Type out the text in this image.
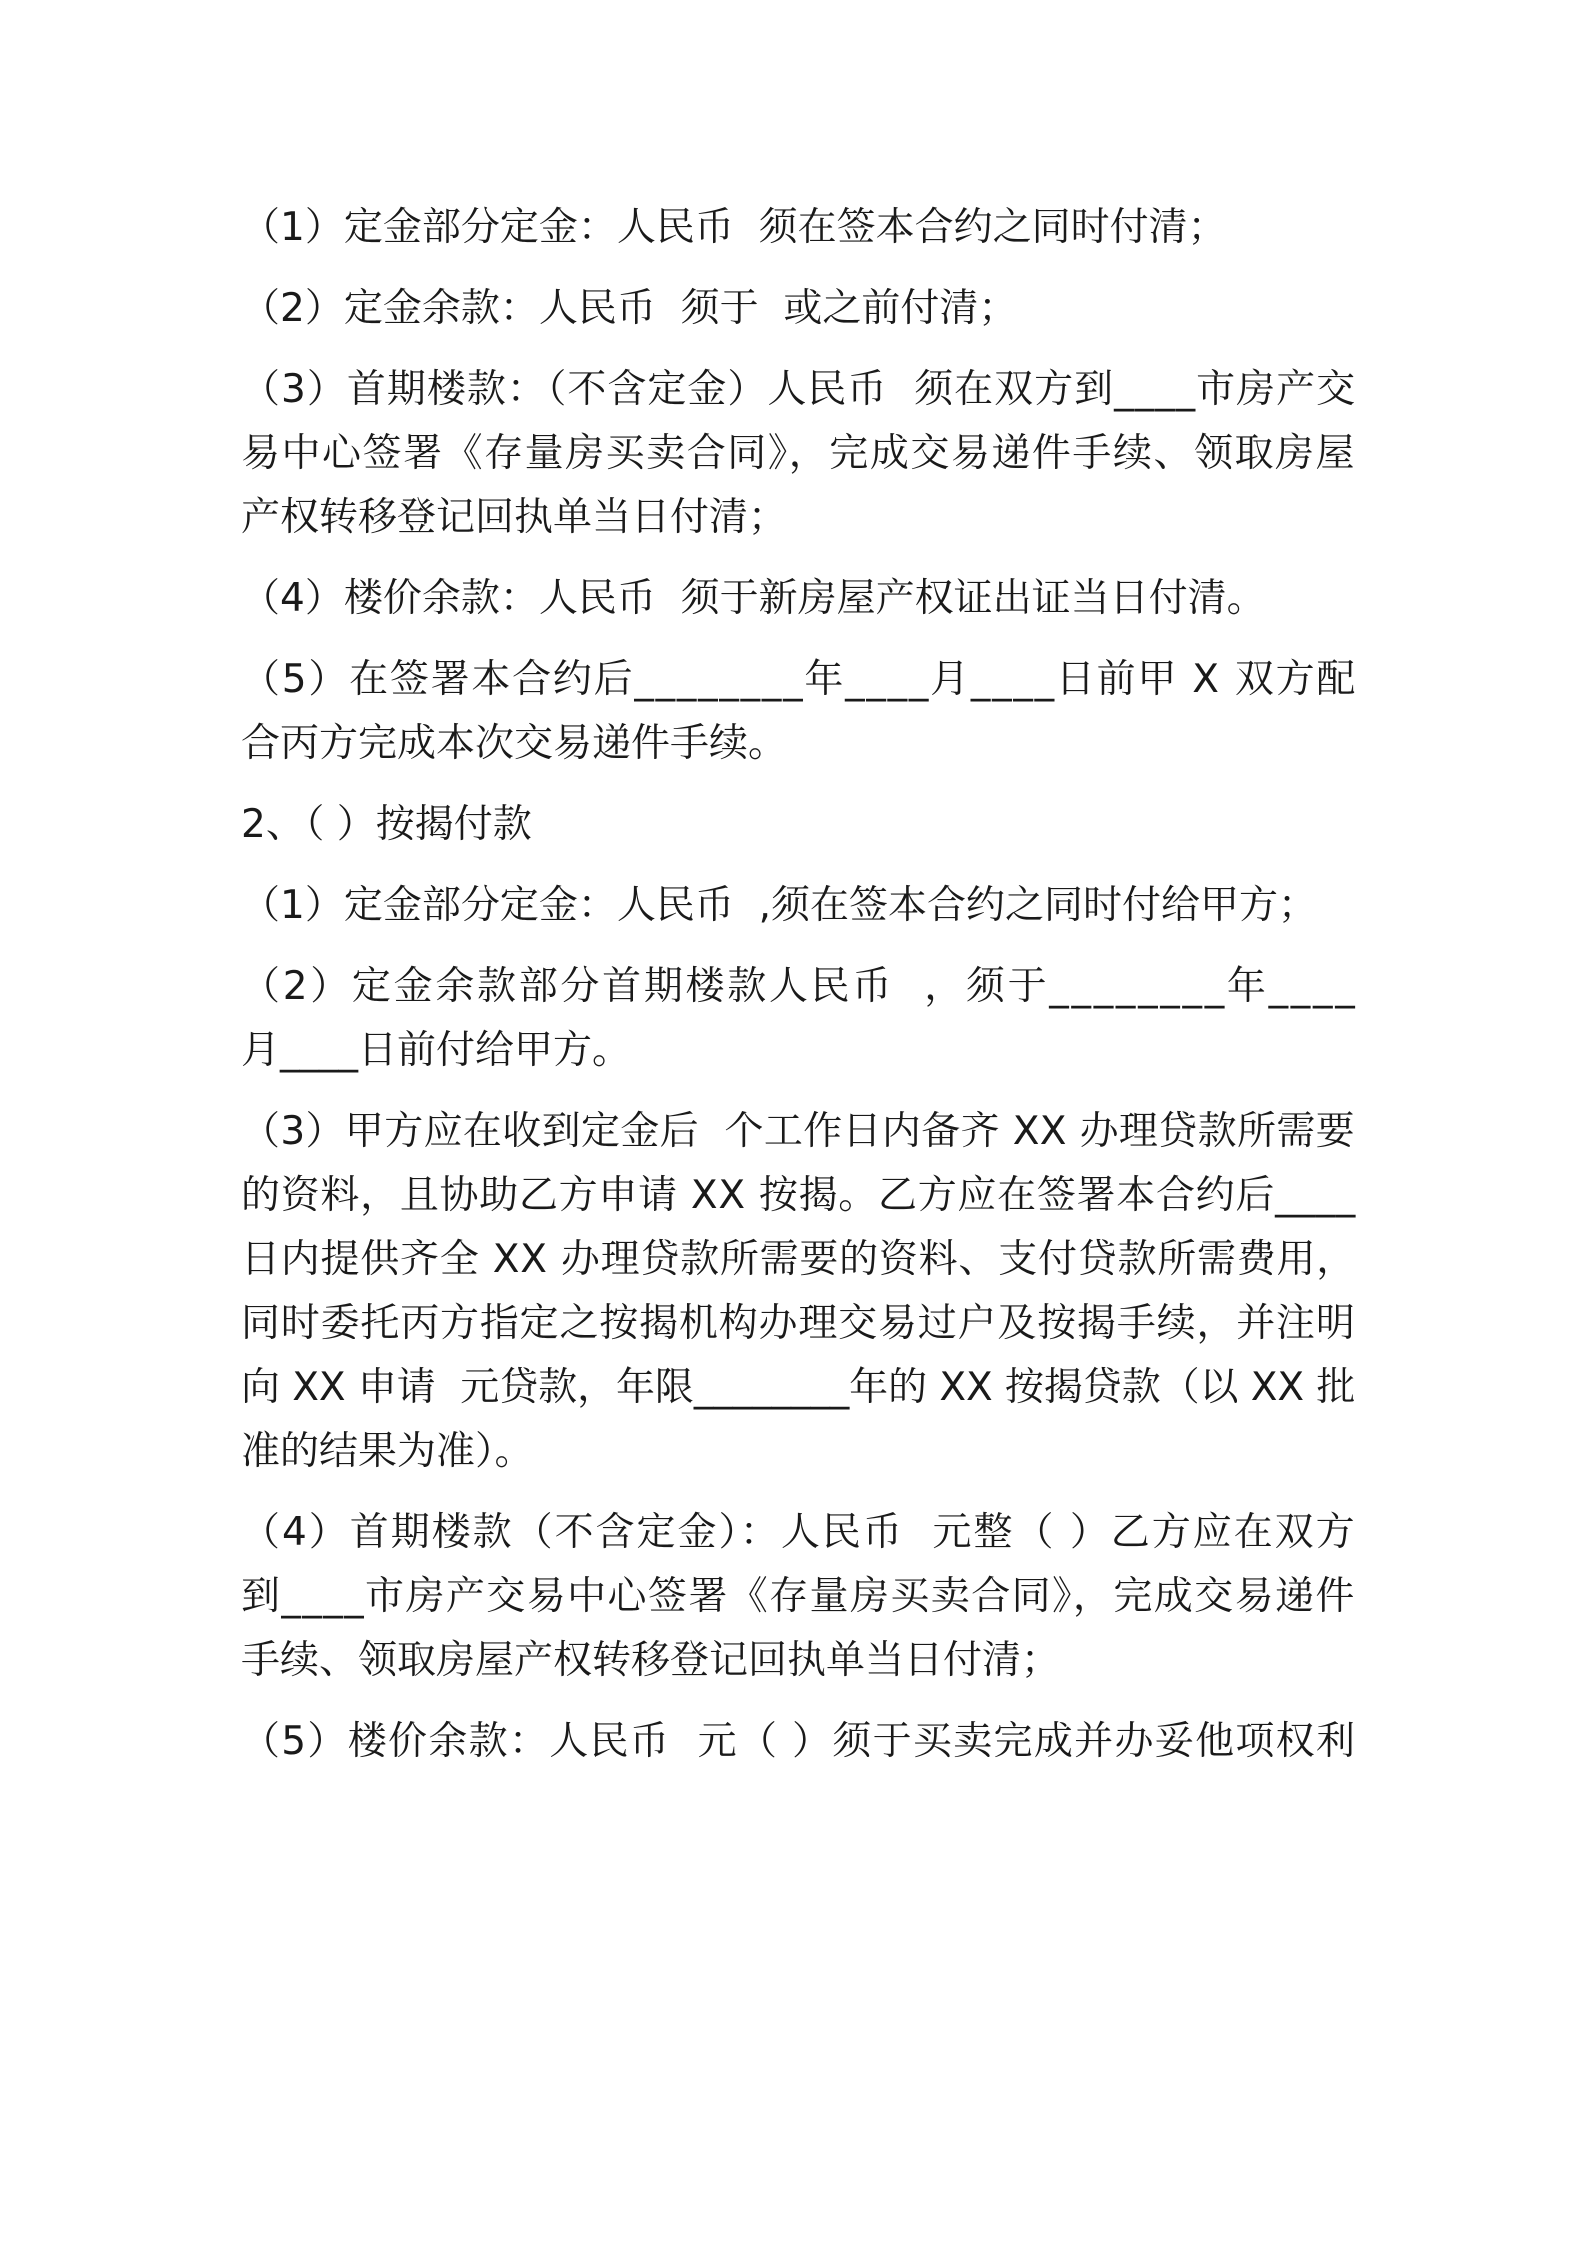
（1）定金部分定金：人民币  须在签本合约之同时付清；
（2）定金余款：人民币  须于  或之前付清；
（3）首期楼款：（不含定金）人民币  须在双方到____市房产交
易中心签署《存量房买卖合同》，完成交易递件手续、领取房屋
产权转移登记回执单当日付清；
（4）楼价余款：人民币  须于新房屋产权证出证当日付清。
（5）在签署本合约后________年____月____日前甲 X 双方配
合丙方完成本次交易递件手续。
2、（ ）按揭付款
（1）定金部分定金：人民币  ,须在签本合约之同时付给甲方；
（2）定金余款部分首期楼款人民币  ，须于________年____
月____日前付给甲方。
（3）甲方应在收到定金后  个工作日内备齐 XX 办理贷款所需要
的资料，且协助乙方申请 XX 按揭。乙方应在签署本合约后____
日内提供齐全 XX 办理贷款所需要的资料、支付贷款所需费用，
同时委托丙方指定之按揭机构办理交易过户及按揭手续，并注明
向 XX 申请  元贷款，年限________年的 XX 按揭贷款（以 XX 批
准的结果为准）。
（4）首期楼款（不含定金）：人民币  元整（ ）乙方应在双方
到____市房产交易中心签署《存量房买卖合同》，完成交易递件
手续、领取房屋产权转移登记回执单当日付清；
（5）楼价余款：人民币  元（ ）须于买卖完成并办妥他项权利
